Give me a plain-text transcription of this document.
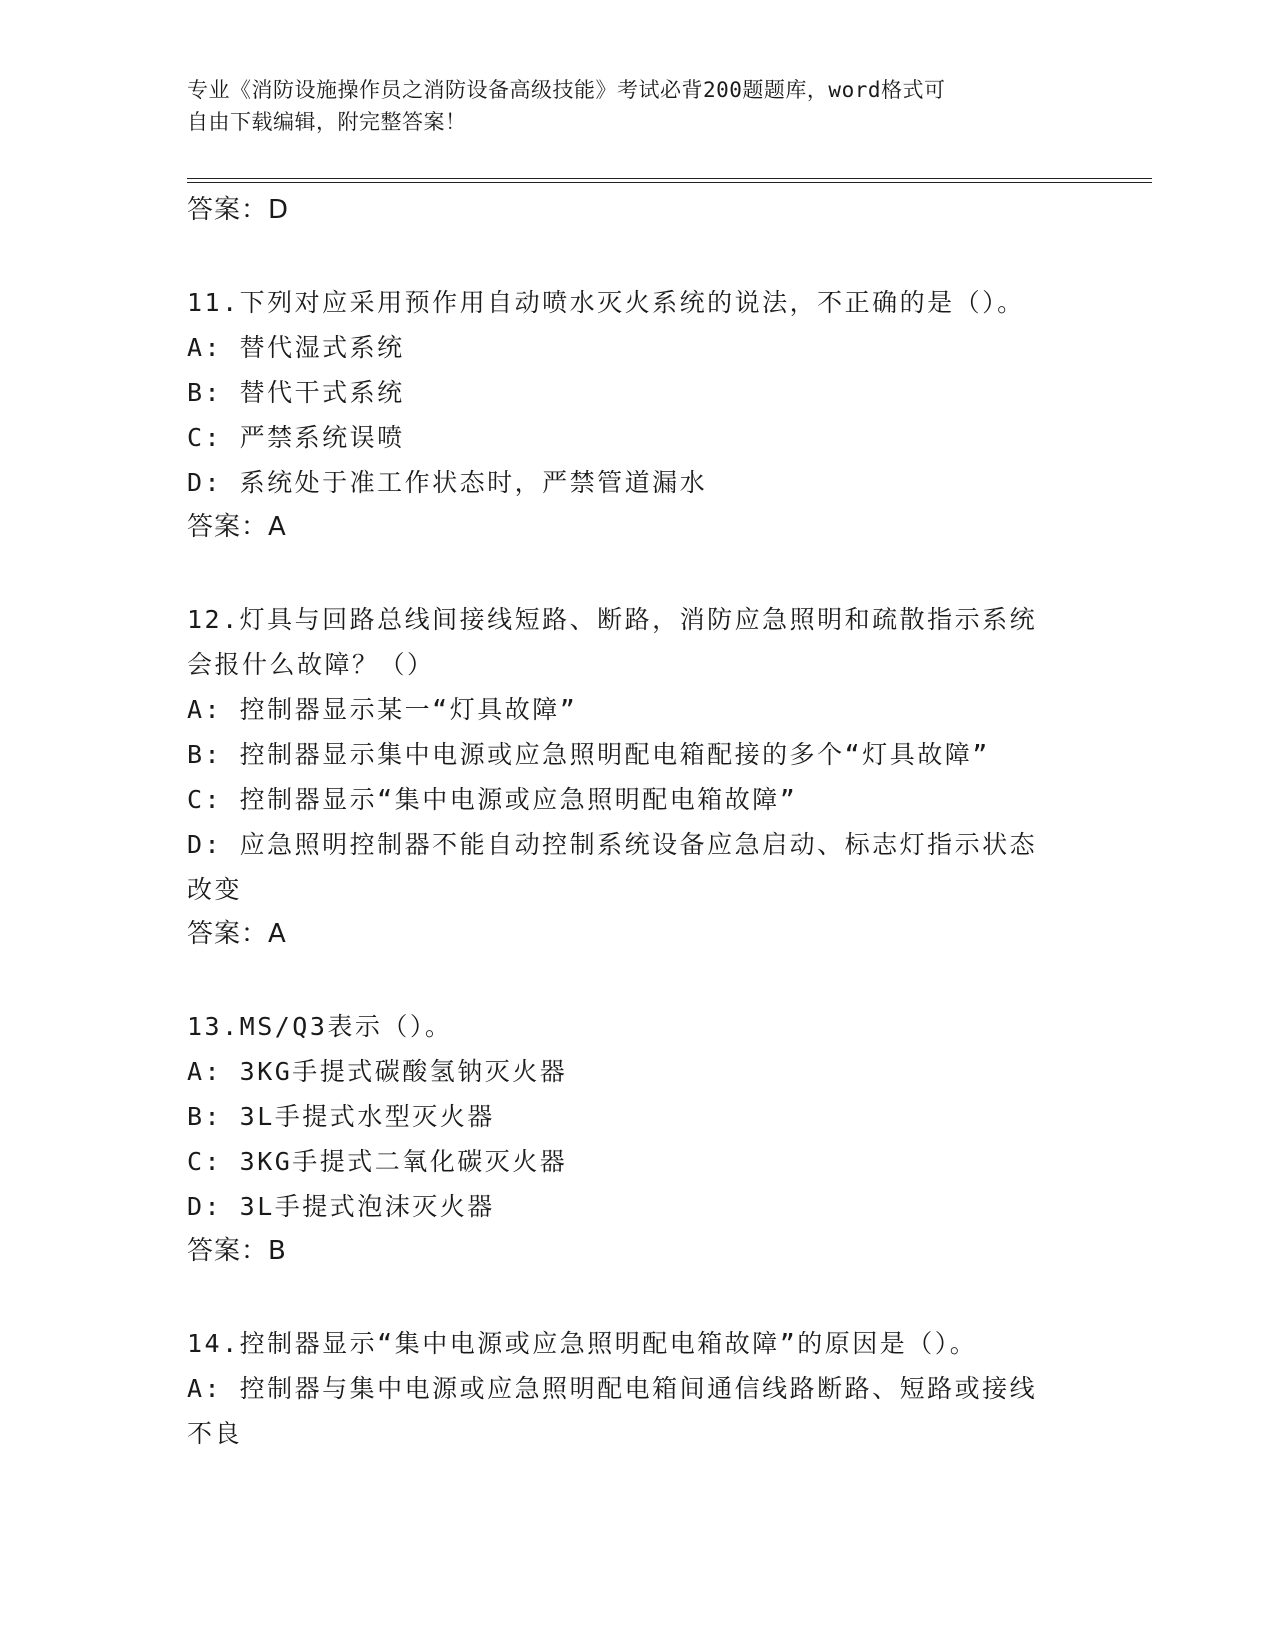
专业《消防设施操作员之消防设备高级技能》考试必背200题题库，word格式可
自由下载编辑，附完整答案！
答案：D
11.下列对应采用预作用自动喷水灭火系统的说法，不正确的是（）。
A: 替代湿式系统
B: 替代干式系统
C: 严禁系统误喷
D: 系统处于准工作状态时，严禁管道漏水
答案：A
12.灯具与回路总线间接线短路、断路，消防应急照明和疏散指示系统
会报什么故障？（）
A: 控制器显示某一“灯具故障”
B: 控制器显示集中电源或应急照明配电箱配接的多个“灯具故障”
C: 控制器显示“集中电源或应急照明配电箱故障”
D: 应急照明控制器不能自动控制系统设备应急启动、标志灯指示状态
改变
答案：A
13.MS/Q3表示（）。
A: 3KG手提式碳酸氢钠灭火器
B: 3L手提式水型灭火器
C: 3KG手提式二氧化碳灭火器
D: 3L手提式泡沫灭火器
答案：B
14.控制器显示“集中电源或应急照明配电箱故障”的原因是（）。
A: 控制器与集中电源或应急照明配电箱间通信线路断路、短路或接线
不良
